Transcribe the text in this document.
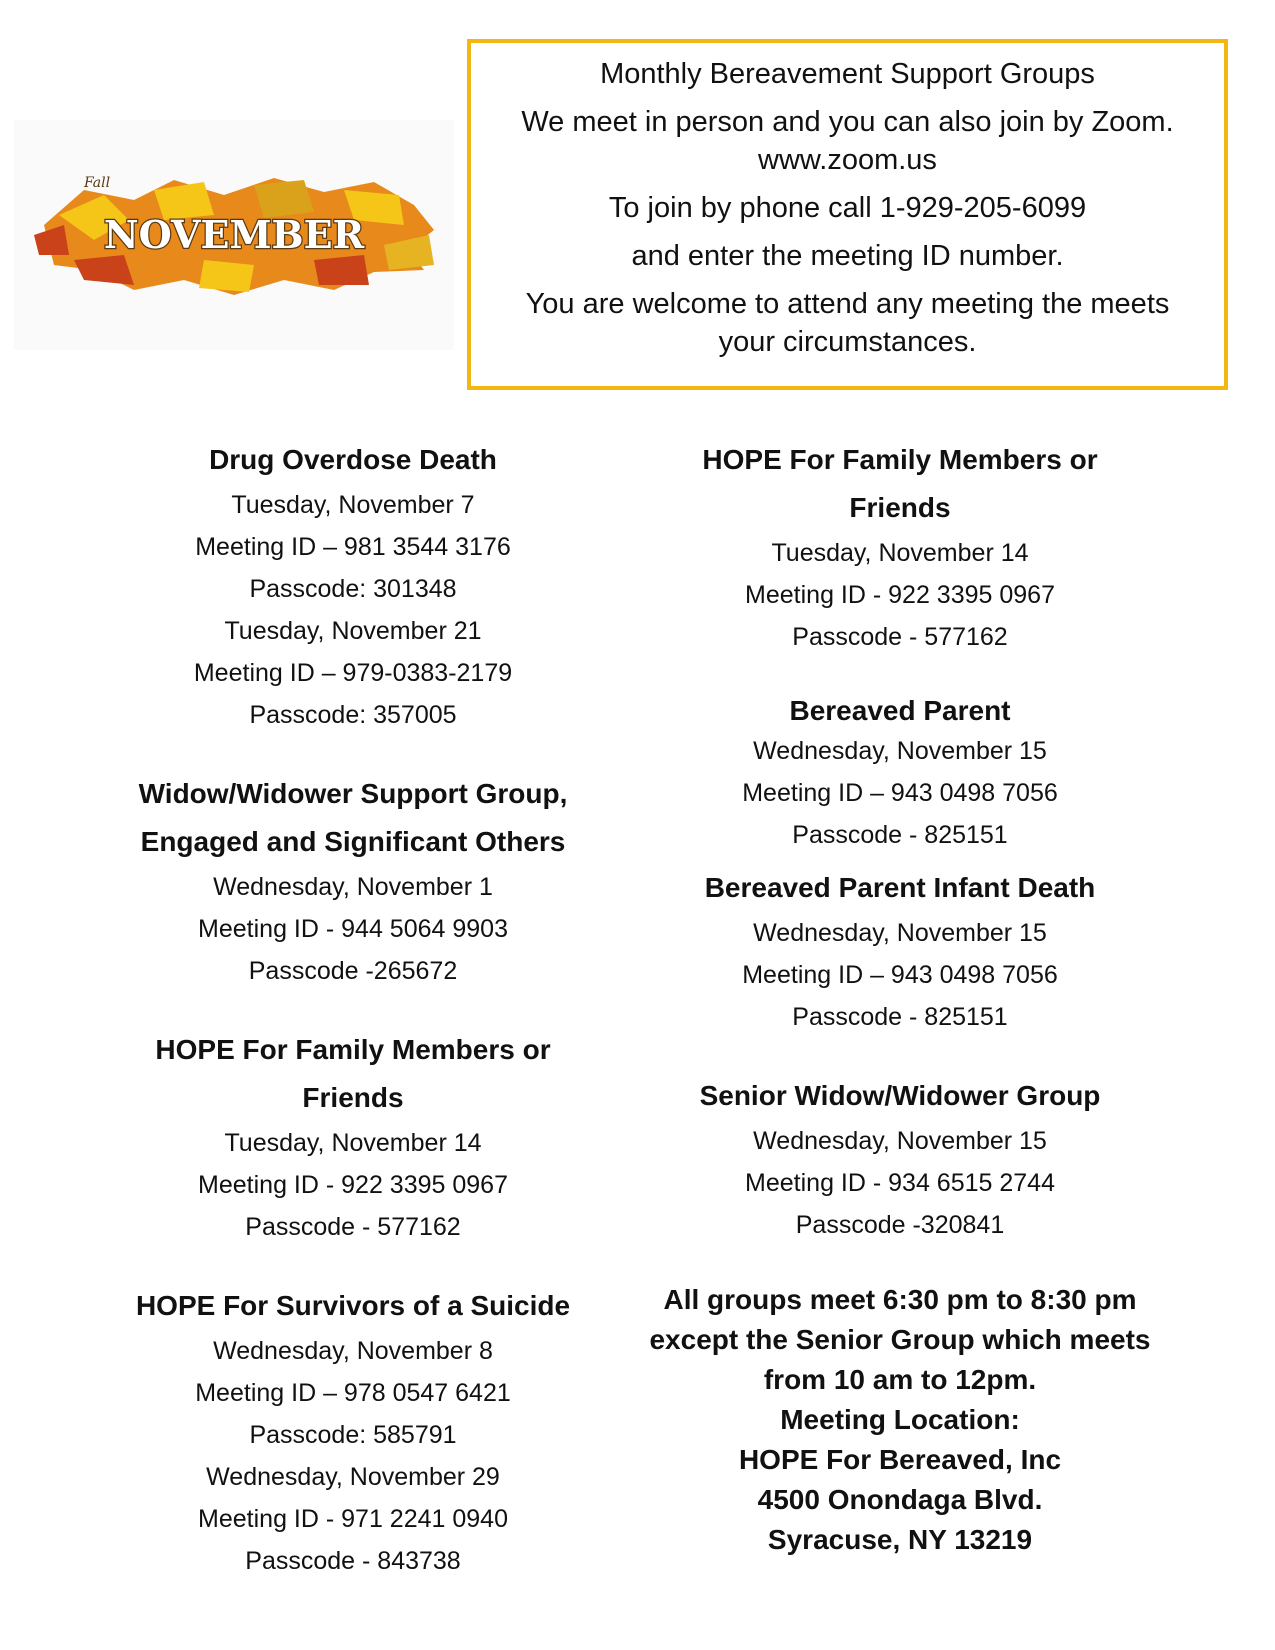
Fall
NOVEMBER
Monthly Bereavement Support Groups
We meet in person and you can also join by Zoom.
www.zoom.us
To join by phone call 1-929-205-6099
and enter the meeting ID number.
You are welcome to attend any meeting the meets
your circumstances.
Drug Overdose Death
Tuesday, November 7
Meeting ID – 981 3544 3176
Passcode: 301348
Tuesday, November 21
Meeting ID – 979-0383-2179
Passcode: 357005
Widow/Widower Support Group,
Engaged and Significant Others
Wednesday, November 1
Meeting ID - 944 5064 9903
Passcode -265672
HOPE For Family Members or
Friends
Tuesday, November 14
Meeting ID - 922 3395 0967
Passcode - 577162
HOPE For Survivors of a Suicide
Wednesday, November 8
Meeting ID – 978 0547 6421
Passcode: 585791
Wednesday, November 29
Meeting ID - 971 2241 0940
Passcode - 843738
HOPE For Family Members or
Friends
Tuesday, November 14
Meeting ID - 922 3395 0967
Passcode - 577162
Bereaved Parent
Wednesday, November 15
Meeting ID – 943 0498 7056
Passcode - 825151
Bereaved Parent Infant Death
Wednesday, November 15
Meeting ID – 943 0498 7056
Passcode - 825151
Senior Widow/Widower Group
Wednesday, November 15
Meeting ID - 934 6515 2744
Passcode -320841
All groups meet 6:30 pm to 8:30 pm
except the Senior Group which meets
from 10 am to 12pm.
Meeting Location:
HOPE For Bereaved, Inc
4500 Onondaga Blvd.
Syracuse, NY 13219
